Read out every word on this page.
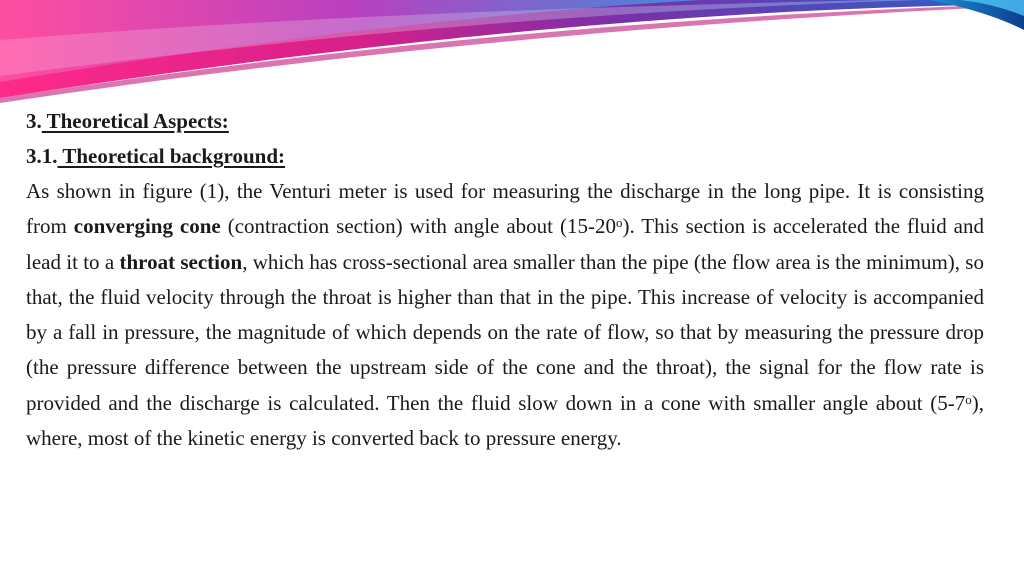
3. Theoretical Aspects:
3.1. Theoretical background:

As shown in figure (1), the Venturi meter is used for measuring the discharge in the long pipe. It is consisting from converging cone (contraction section) with angle about (15-20$^o$). This section is accelerated the fluid and lead it to a throat section, which has cross-sectional area smaller than the pipe (the flow area is the minimum), so that, the fluid velocity through the throat is higher than that in the pipe. This increase of velocity is accompanied by a fall in pressure, the magnitude of which depends on the rate of flow, so that by measuring the pressure drop (the pressure difference between the upstream side of the cone and the throat), the signal for the flow rate is provided and the discharge is calculated. Then the fluid slow down in a cone with smaller angle about (5-7$^o$), where, most of the kinetic energy is converted back to pressure energy.
